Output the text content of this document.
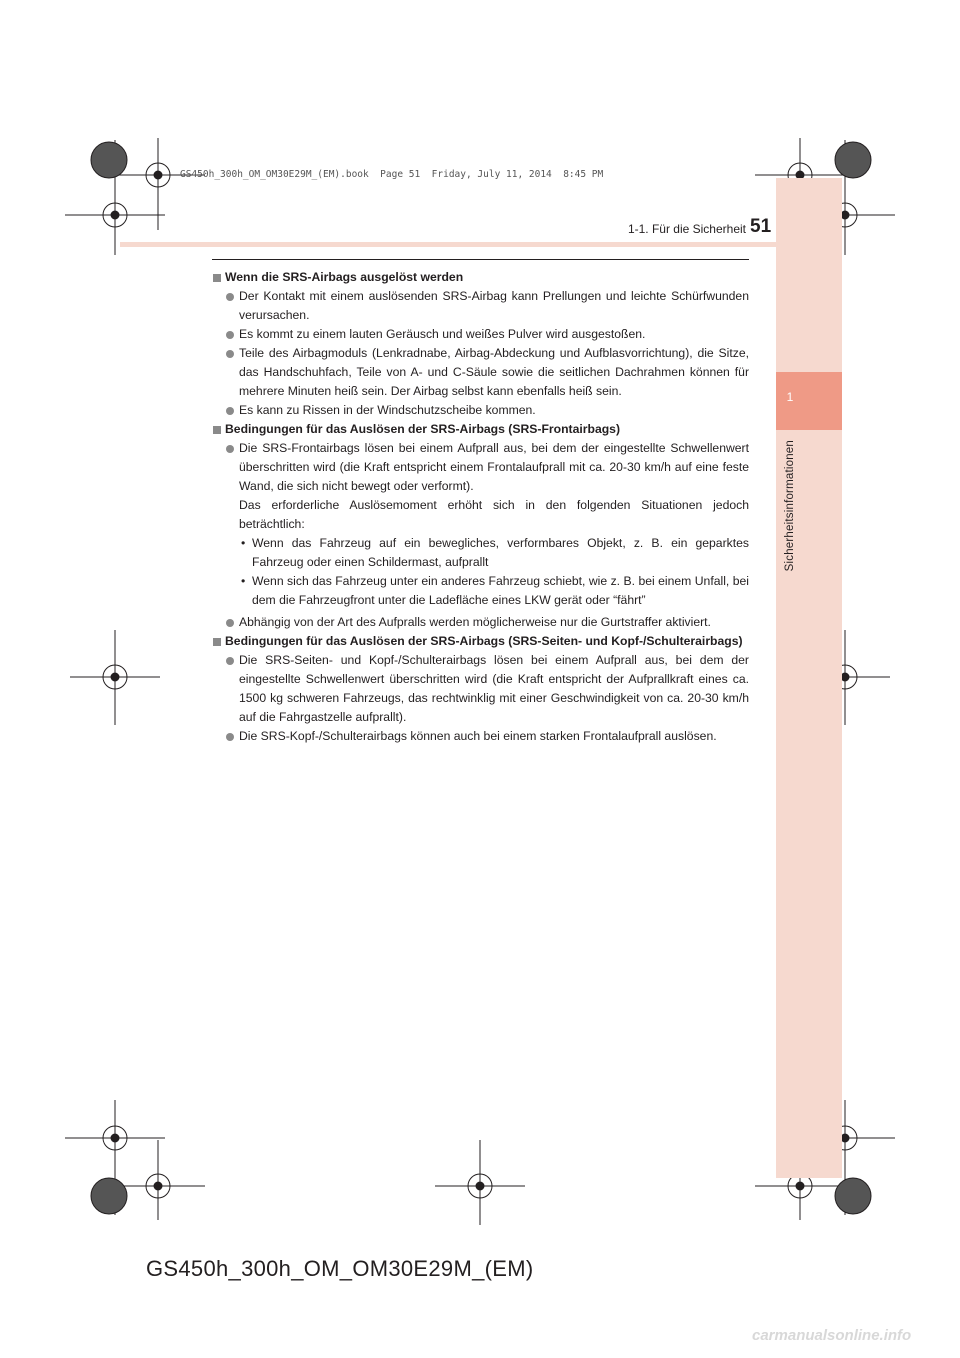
GS450h_300h_OM_OM30E29M_(EM).book  Page 51  Friday, July 11, 2014  8:45 PM
1
Sicherheitsinformationen
1-1. Für die Sicherheit 51

Wenn die SRS-Airbags ausgelöst werden

Der Kontakt mit einem auslösenden SRS-Airbag kann Prellungen und leichte Schürfwunden verursachen.

Es kommt zu einem lauten Geräusch und weißes Pulver wird ausgestoßen.

Teile des Airbagmoduls (Lenkradnabe, Airbag-Abdeckung und Aufblasvorrichtung), die Sitze, das Handschuhfach, Teile von A- und C-Säule sowie die seitlichen Dachrahmen können für mehrere Minuten heiß sein. Der Airbag selbst kann ebenfalls heiß sein.

Es kann zu Rissen in der Windschutzscheibe kommen.

Bedingungen für das Auslösen der SRS-Airbags (SRS-Frontairbags)

Die SRS-Frontairbags lösen bei einem Aufprall aus, bei dem der eingestellte Schwellenwert überschritten wird (die Kraft entspricht einem Frontalaufprall mit ca. 20-30 km/h auf eine feste Wand, die sich nicht bewegt oder verformt).

Das erforderliche Auslösemoment erhöht sich in den folgenden Situationen jedoch beträchtlich:

• Wenn das Fahrzeug auf ein bewegliches, verformbares Objekt, z. B. ein geparktes Fahrzeug oder einen Schildermast, aufprallt

• Wenn sich das Fahrzeug unter ein anderes Fahrzeug schiebt, wie z. B. bei einem Unfall, bei dem die Fahrzeugfront unter die Ladefläche eines LKW gerät oder “fährt”

Abhängig von der Art des Aufpralls werden möglicherweise nur die Gurtstraffer aktiviert.

Bedingungen für das Auslösen der SRS-Airbags (SRS-Seiten- und Kopf-/Schulterairbags)

Die SRS-Seiten- und Kopf-/Schulterairbags lösen bei einem Aufprall aus, bei dem der eingestellte Schwellenwert überschritten wird (die Kraft entspricht der Aufprallkraft eines ca. 1500 kg schweren Fahrzeugs, das rechtwinklig mit einer Geschwindigkeit von ca. 20-30 km/h auf die Fahrgastzelle aufprallt).

Die SRS-Kopf-/Schulterairbags können auch bei einem starken Frontalaufprall auslösen.

GS450h_300h_OM_OM30E29M_(EM)
carmanualsonline.info
